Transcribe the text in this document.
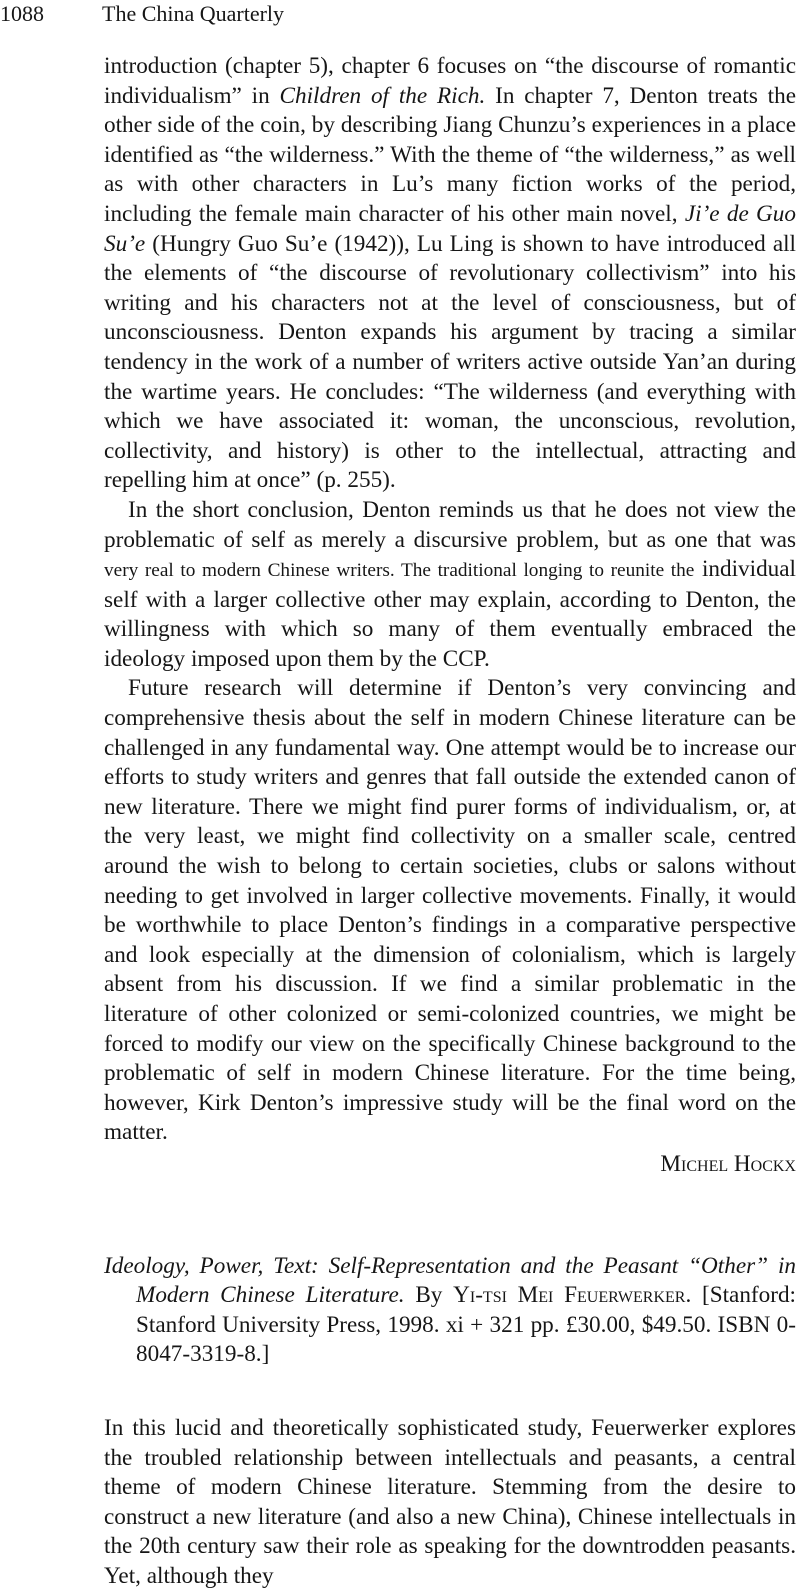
1088	The China Quarterly

introduction (chapter 5), chapter 6 focuses on “the discourse of romantic individualism” in Children of the Rich. In chapter 7, Denton treats the other side of the coin, by describing Jiang Chunzu’s experiences in a place identified as “the wilderness.” With the theme of “the wilderness,” as well as with other characters in Lu’s many fiction works of the period, including the female main character of his other main novel, Ji’e de Guo Su’e (Hungry Guo Su’e (1942)), Lu Ling is shown to have introduced all the elements of “the discourse of revolutionary collectivism” into his writing and his characters not at the level of consciousness, but of unconsciousness. Denton expands his argument by tracing a similar tendency in the work of a number of writers active outside Yan’an during the wartime years. He concludes: “The wilderness (and everything with which we have associated it: woman, the unconscious, revolution, collectivity, and history) is other to the intellectual, attracting and repelling him at once” (p. 255).

In the short conclusion, Denton reminds us that he does not view the problematic of self as merely a discursive problem, but as one that was very real to modern Chinese writers. The traditional longing to reunite the individual self with a larger collective other may explain, according to Denton, the willingness with which so many of them eventually embraced the ideology imposed upon them by the CCP.

Future research will determine if Denton’s very convincing and comprehensive thesis about the self in modern Chinese literature can be challenged in any fundamental way. One attempt would be to increase our efforts to study writers and genres that fall outside the extended canon of new literature. There we might find purer forms of individualism, or, at the very least, we might find collectivity on a smaller scale, centred around the wish to belong to certain societies, clubs or salons without needing to get involved in larger collective movements. Finally, it would be worthwhile to place Denton’s findings in a comparative perspective and look especially at the dimension of colonialism, which is largely absent from his discussion. If we find a similar problematic in the literature of other colonized or semi-colonized countries, we might be forced to modify our view on the specifically Chinese background to the problematic of self in modern Chinese literature. For the time being, however, Kirk Denton’s impressive study will be the final word on the matter.

Michel Hockx

Ideology, Power, Text: Self-Representation and the Peasant “Other” in Modern Chinese Literature. By Yi-tsi Mei Feuerwerker. [Stanford: Stanford University Press, 1998. xi + 321 pp. £30.00, $49.50. ISBN 0-8047-3319-8.]

In this lucid and theoretically sophisticated study, Feuerwerker explores the troubled relationship between intellectuals and peasants, a central theme of modern Chinese literature. Stemming from the desire to construct a new literature (and also a new China), Chinese intellectuals in the 20th century saw their role as speaking for the downtrodden peasants. Yet, although they
